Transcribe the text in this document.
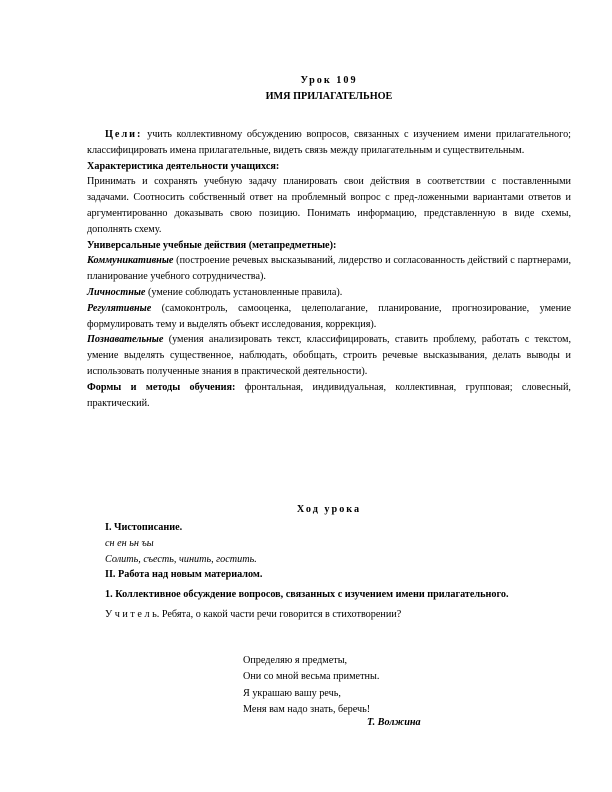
Урок 109
ИМЯ ПРИЛАГАТЕЛЬНОЕ

Цели: учить коллективному обсуждению вопросов, связанных с изучением имени прилагательного; классифицировать имена прилагательные, видеть связь между прилагательным и существительным.

Характеристика деятельности учащихся:

Принимать и сохранять учебную задачу планировать свои действия в соответствии с поставленными задачами. Соотносить собственный ответ на проблемный вопрос с пред-ложенными вариантами ответов и аргументированно доказывать свою позицию. Понимать информацию, представленную в виде схемы, дополнять схему.

Универсальные учебные действия (метапредметные):

Коммуникативные (построение речевых высказываний, лидерство и согласованность действий с партнерами, планирование учебного сотрудничества).

Личностные (умение соблюдать установленные правила).

Регулятивные (самоконтроль, самооценка, целеполагание, планирование, прогнозирование, умение формулировать тему и выделять объект исследования, коррекция).

Познавательные (умения анализировать текст, классифицировать, ставить проблему, работать с текстом, умение выделять существенное, наблюдать, обобщать, строить речевые высказывания, делать выводы и использовать полученные знания в практической деятельности).

Формы и методы обучения: фронтальная, индивидуальная, коллективная, групповая; словесный, практический.

Ход урока

I. Чистописание.

сн ен ьн ъы

Солить, съесть, чинить, гостить.

II. Работа над новым материалом.

1. Коллективное обсуждение вопросов, связанных с изучением имени прилагательного.

У ч и т е л ь. Ребята, о какой части речи говорится в стихотворении?

Определяю я предметы,
Они со мной весьма приметны.
Я украшаю вашу речь,
Меня вам надо знать, беречь!
Т. Волжина
